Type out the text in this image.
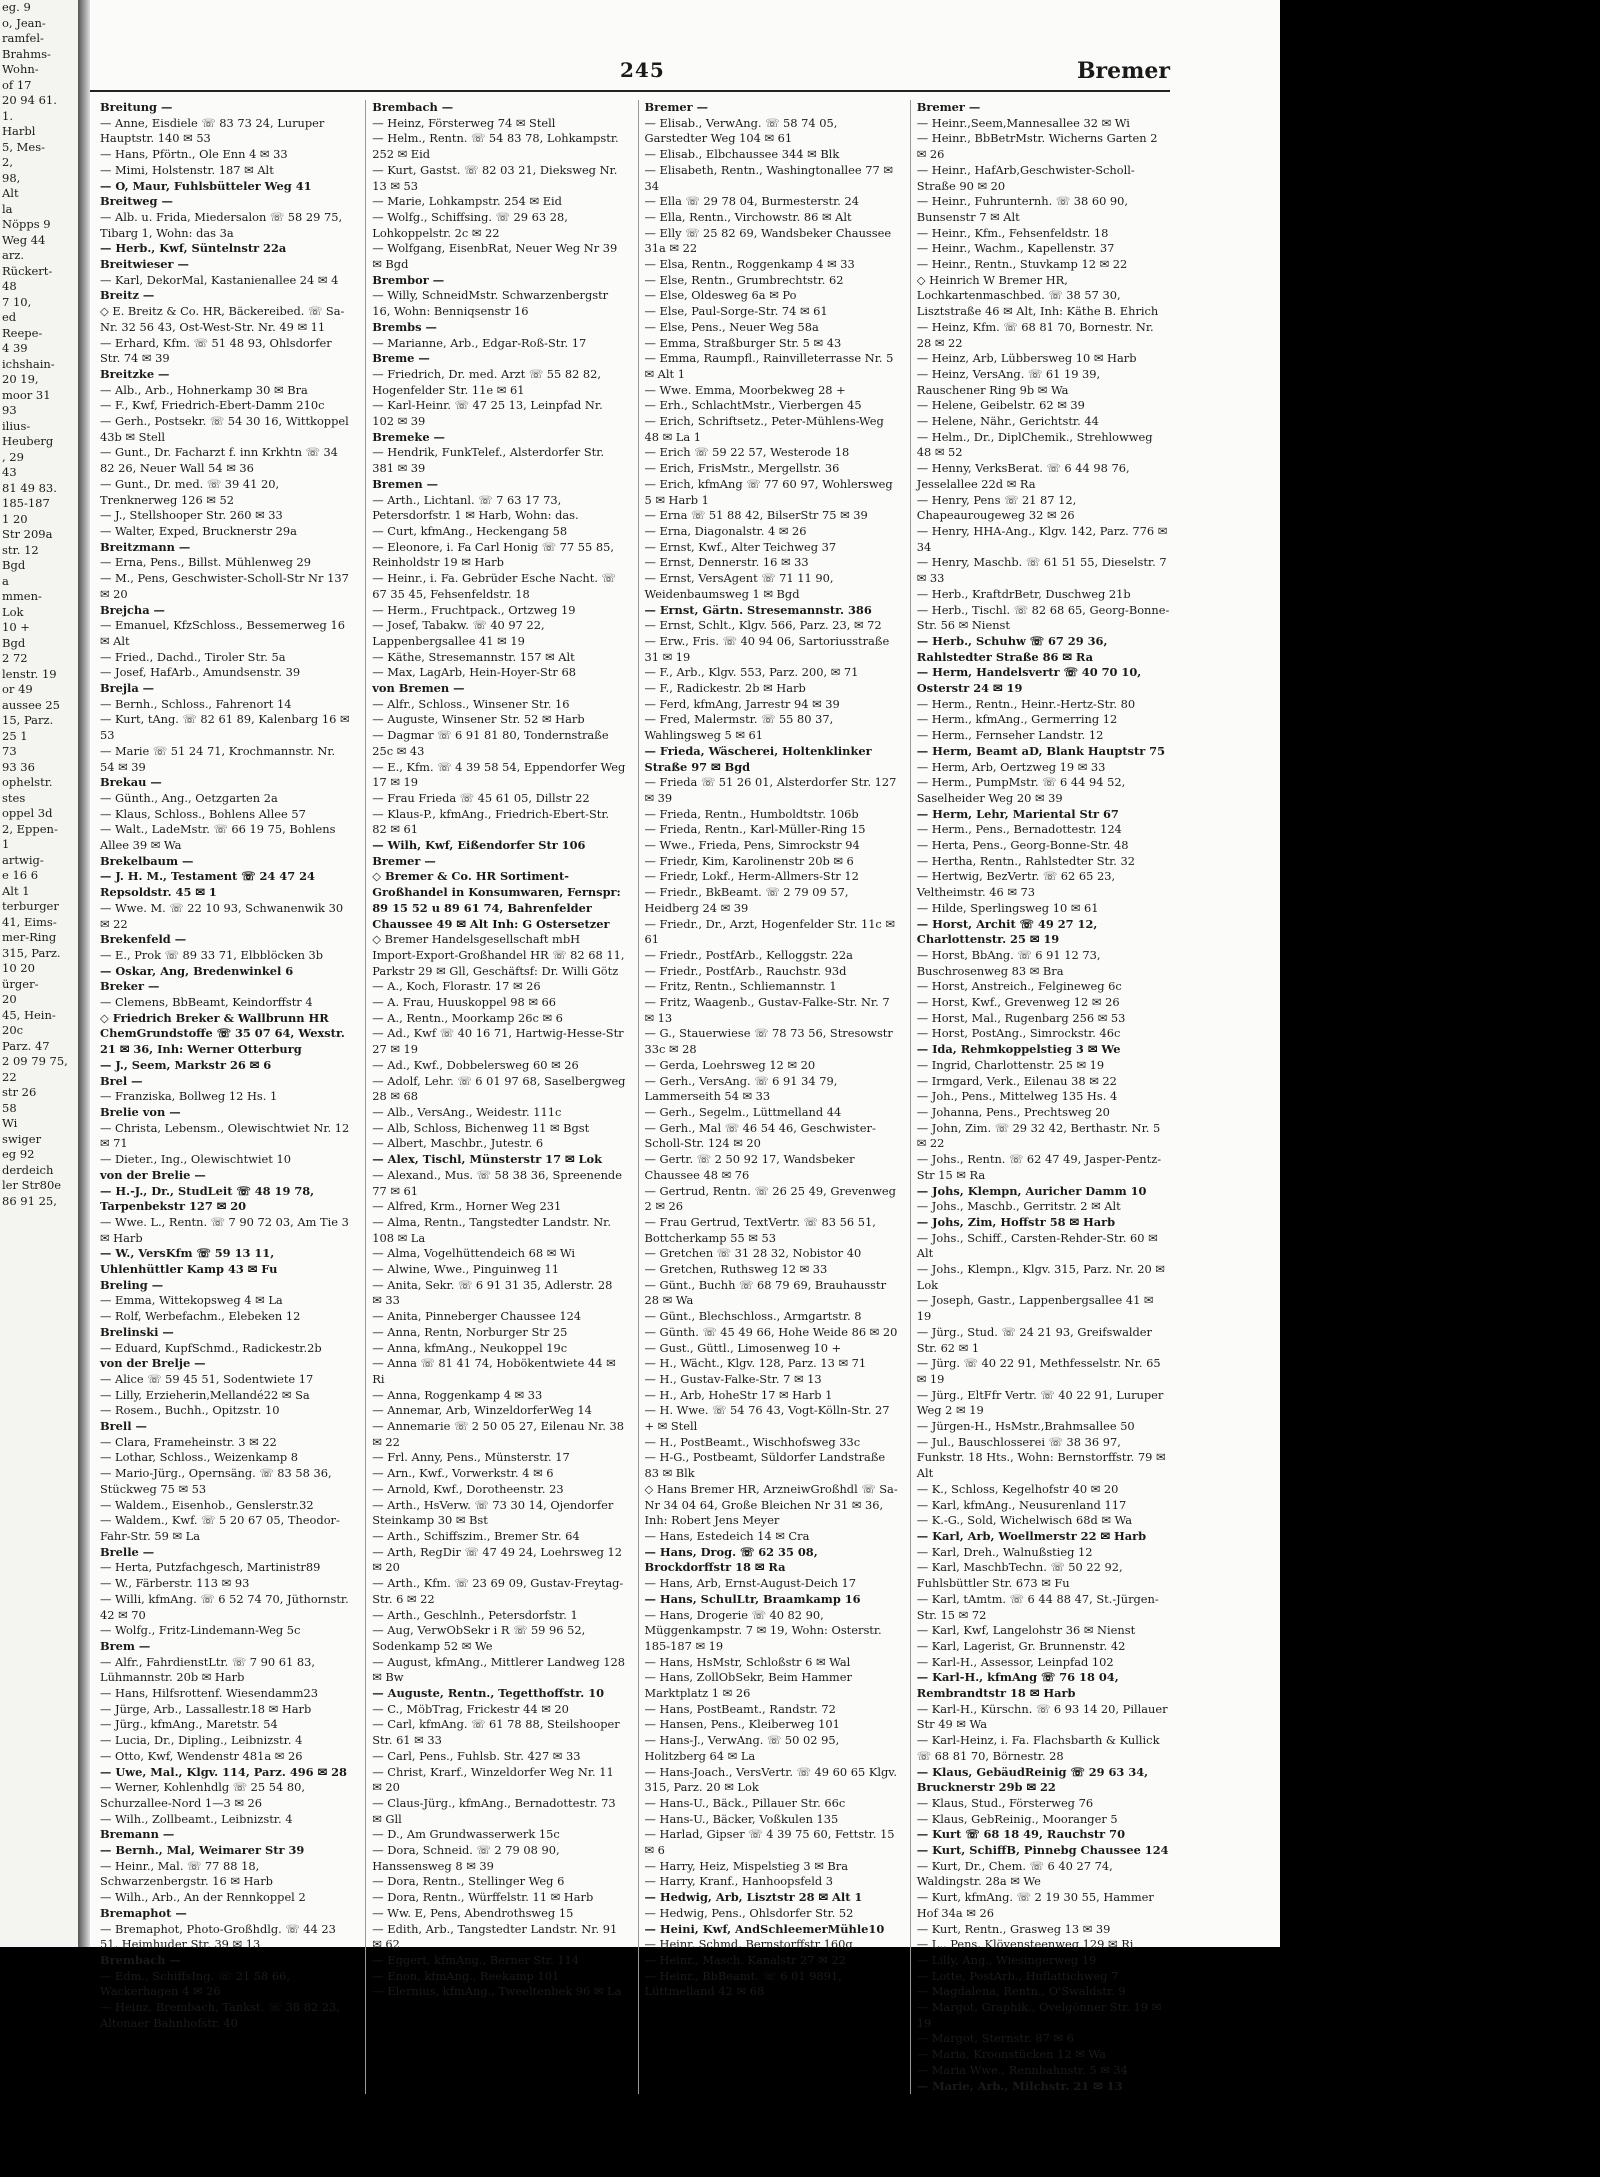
eg. 9
o, Jean-
ramfel-
Brahms-
Wohn-
of 17
20 94 61.
1.
Harbl
5, Mes-
2,
98,
Alt
la
Nöpps 9
Weg 44
arz.
Rückert-
48
7 10,
ed
Reepe-
4 39
ichshain-
20 19,
moor 31
93
ilius-
Heuberg
, 29
43
81 49 83.
185-187
1 20
Str 209a
str. 12
Bgd
a
mmen-
Lok
10 +
Bgd
2 72
lenstr. 19
or 49
aussee 25
15, Parz.
25 1
73
93 36
ophelstr.
stes
oppel 3d
2, Eppen-
1
artwig-
e 16 6
Alt 1
terburger
41, Eims-
mer-Ring
315, Parz.
10 20
ürger-
20
45, Hein-
20c
Parz. 47
2 09 79 75,
22
str 26
58
Wi
swiger
eg 92
derdeich
ler Str80e
86 91 25,
245	Bremer
Breitung —
— Anne, Eisdiele ☏ 83 73 24, Luruper Hauptstr. 140 ✉ 53
— Hans, Pförtn., Ole Enn 4 ✉ 33
— Mimi, Holstenstr. 187 ✉ Alt
— O, Maur, Fuhlsbütteler Weg 41
Breitweg —
— Alb. u. Frida, Miedersalon ☏ 58 29 75, Tibarg 1, Wohn: das 3a
— Herb., Kwf, Süntelnstr 22a
Breitwieser —
— Karl, DekorMal, Kastanienallee 24 ✉ 4
Breitz —
◇ E. Breitz & Co. HR, Bäckereibed. ☏ Sa-Nr. 32 56 43, Ost-West-Str. Nr. 49 ✉ 11
— Erhard, Kfm. ☏ 51 48 93, Ohlsdorfer Str. 74 ✉ 39
Breitzke —
— Alb., Arb., Hohnerkamp 30 ✉ Bra
— F., Kwf, Friedrich-Ebert-Damm 210c
— Gerh., Postsekr. ☏ 54 30 16, Wittkoppel 43b ✉ Stell
— Gunt., Dr. Facharzt f. inn Krkhtn ☏ 34 82 26, Neuer Wall 54 ✉ 36
— Gunt., Dr. med. ☏ 39 41 20, Trenknerweg 126 ✉ 52
— J., Stellshooper Str. 260 ✉ 33
— Walter, Exped, Brucknerstr 29a
Breitzmann —
— Erna, Pens., Billst. Mühlenweg 29
— M., Pens, Geschwister-Scholl-Str Nr 137 ✉ 20
Brejcha —
— Emanuel, KfzSchloss., Bessemerweg 16 ✉ Alt
— Fried., Dachd., Tiroler Str. 5a
— Josef, HafArb., Amundsenstr. 39
Brejla —
— Bernh., Schloss., Fahrenort 14
— Kurt, tAng. ☏ 82 61 89, Kalenbarg 16 ✉ 53
— Marie ☏ 51 24 71, Krochmannstr. Nr. 54 ✉ 39
Brekau —
— Günth., Ang., Oetzgarten 2a
— Klaus, Schloss., Bohlens Allee 57
— Walt., LadeMstr. ☏ 66 19 75, Bohlens Allee 39 ✉ Wa
Brekelbaum —
— J. H. M., Testament ☏ 24 47 24 Repsoldstr. 45 ✉ 1
— Wwe. M. ☏ 22 10 93, Schwanenwik 30 ✉ 22
Brekenfeld —
— E., Prok ☏ 89 33 71, Elbblöcken 3b
— Oskar, Ang, Bredenwinkel 6
Breker —
— Clemens, BbBeamt, Keindorffstr 4
◇ Friedrich Breker & Wallbrunn HR ChemGrundstoffe ☏ 35 07 64, Wexstr. 21 ✉ 36, Inh: Werner Otterburg
— J., Seem, Markstr 26 ✉ 6
Brel —
— Franziska, Bollweg 12 Hs. 1
Brelie von —
— Christa, Lebensm., Olewischtwiet Nr. 12 ✉ 71
— Dieter., Ing., Olewischtwiet 10
von der Brelie —
— H.-J., Dr., StudLeit ☏ 48 19 78, Tarpenbekstr 127 ✉ 20
— Wwe. L., Rentn. ☏ 7 90 72 03, Am Tie 3 ✉ Harb
— W., VersKfm ☏ 59 13 11, Uhlenhüttler Kamp 43 ✉ Fu
Breling —
— Emma, Wittekopsweg 4 ✉ La
— Rolf, Werbefachm., Elebeken 12
Brelinski —
— Eduard, KupfSchmd., Radickestr.2b
von der Brelje —
— Alice ☏ 59 45 51, Sodentwiete 17
— Lilly, Erzieherin,Mellandé22 ✉ Sa
— Rosem., Buchh., Opitzstr. 10
Brell —
— Clara, Frameheinstr. 3 ✉ 22
— Lothar, Schloss., Weizenkamp 8
— Mario-Jürg., Opernsäng. ☏ 83 58 36, Stückweg 75 ✉ 53
— Waldem., Eisenhob., Genslerstr.32
— Waldem., Kwf. ☏ 5 20 67 05, Theodor-Fahr-Str. 59 ✉ La
Brelle —
— Herta, Putzfachgesch, Martinistr89
— W., Färberstr. 113 ✉ 93
— Willi, kfmAng. ☏ 6 52 74 70, Jüthornstr. 42 ✉ 70
— Wolfg., Fritz-Lindemann-Weg 5c
Brem —
— Alfr., FahrdienstLtr. ☏ 7 90 61 83, Lühmannstr. 20b ✉ Harb
— Hans, Hilfsrottenf. Wiesendamm23
— Jürge, Arb., Lassallestr.18 ✉ Harb
— Jürg., kfmAng., Maretstr. 54
— Lucia, Dr., Dipling., Leibnizstr. 4
— Otto, Kwf, Wendenstr 481a ✉ 26
— Uwe, Mal., Klgv. 114, Parz. 496 ✉ 28
— Werner, Kohlenhdlg ☏ 25 54 80, Schurzallee-Nord 1—3 ✉ 26
— Wilh., Zollbeamt., Leibnizstr. 4
Bremann —
— Bernh., Mal, Weimarer Str 39
— Heinr., Mal. ☏ 77 88 18, Schwarzenbergstr. 16 ✉ Harb
— Wilh., Arb., An der Rennkoppel 2
Bremaphot —
— Bremaphot, Photo-Großhdlg. ☏ 44 23 51, Heimhuder Str. 39 ✉ 13
Brembach —
— Edm., SchiffsIng. ☏ 21 58 66, Wackerhagen 4 ✉ 26
— Heinz, Brembach, Tankst. ☏ 38 82 23, Altonaer Bahnhofstr. 40
Brembach —
— Heinz, Försterweg 74 ✉ Stell
— Helm., Rentn. ☏ 54 83 78, Lohkampstr. 252 ✉ Eid
— Kurt, Gastst. ☏ 82 03 21, Dieksweg Nr. 13 ✉ 53
— Marie, Lohkampstr. 254 ✉ Eid
— Wolfg., Schiffsing. ☏ 29 63 28, Lohkoppelstr. 2c ✉ 22
— Wolfgang, EisenbRat, Neuer Weg Nr 39 ✉ Bgd
Brembor —
— Willy, SchneidMstr. Schwarzenbergstr 16, Wohn: Benniqsenstr 16
Brembs —
— Marianne, Arb., Edgar-Roß-Str. 17
Breme —
— Friedrich, Dr. med. Arzt ☏ 55 82 82, Hogenfelder Str. 11e ✉ 61
— Karl-Heinr. ☏ 47 25 13, Leinpfad Nr. 102 ✉ 39
Bremeke —
— Hendrik, FunkTelef., Alsterdorfer Str. 381 ✉ 39
Bremen —
— Arth., Lichtanl. ☏ 7 63 17 73, Petersdorfstr. 1 ✉ Harb, Wohn: das.
— Curt, kfmAng., Heckengang 58
— Eleonore, i. Fa Carl Honig ☏ 77 55 85, Reinholdstr 19 ✉ Harb
— Heinr., i. Fa. Gebrüder Esche Nacht. ☏ 67 35 45, Fehsenfeldstr. 18
— Herm., Fruchtpack., Ortzweg 19
— Josef, Tabakw. ☏ 40 97 22, Lappenbergsallee 41 ✉ 19
— Käthe, Stresemannstr. 157 ✉ Alt
— Max, LagArb, Hein-Hoyer-Str 68
von Bremen —
— Alfr., Schloss., Winsener Str. 16
— Auguste, Winsener Str. 52 ✉ Harb
— Dagmar ☏ 6 91 81 80, Tondernstraße 25c ✉ 43
— E., Kfm. ☏ 4 39 58 54, Eppendorfer Weg 17 ✉ 19
— Frau Frieda ☏ 45 61 05, Dillstr 22
— Klaus-P., kfmAng., Friedrich-Ebert-Str. 82 ✉ 61
— Wilh, Kwf, Eißendorfer Str 106
Bremer —
◇ Bremer & Co. HR Sortiment-Großhandel in Konsumwaren, Fernspr: 89 15 52 u 89 61 74, Bahrenfelder Chaussee 49 ✉ Alt Inh: G Ostersetzer
◇ Bremer Handelsgesellschaft mbH Import-Export-Großhandel HR ☏ 82 68 11, Parkstr 29 ✉ Gll, Geschäftsf: Dr. Willi Götz
— A., Koch, Florastr. 17 ✉ 26
— A. Frau, Huuskoppel 98 ✉ 66
— A., Rentn., Moorkamp 26c ✉ 6
— Ad., Kwf ☏ 40 16 71, Hartwig-Hesse-Str 27 ✉ 19
— Ad., Kwf., Dobbelersweg 60 ✉ 26
— Adolf, Lehr. ☏ 6 01 97 68, Saselbergweg 28 ✉ 68
— Alb., VersAng., Weidestr. 111c
— Alb, Schloss, Bichenweg 11 ✉ Bgst
— Albert, Maschbr., Jutestr. 6
— Alex, Tischl, Münsterstr 17 ✉ Lok
— Alexand., Mus. ☏ 58 38 36, Spreenende 77 ✉ 61
— Alfred, Krm., Horner Weg 231
— Alma, Rentn., Tangstedter Landstr. Nr. 108 ✉ La
— Alma, Vogelhüttendeich 68 ✉ Wi
— Alwine, Wwe., Pinguinweg 11
— Anita, Sekr. ☏ 6 91 31 35, Adlerstr. 28 ✉ 33
— Anita, Pinneberger Chaussee 124
— Anna, Rentn, Norburger Str 25
— Anna, kfmAng., Neukoppel 19c
— Anna ☏ 81 41 74, Hobökentwiete 44 ✉ Ri
— Anna, Roggenkamp 4 ✉ 33
— Annemar, Arb, WinzeldorferWeg 14
— Annemarie ☏ 2 50 05 27, Eilenau Nr. 38 ✉ 22
— Frl. Anny, Pens., Münsterstr. 17
— Arn., Kwf., Vorwerkstr. 4 ✉ 6
— Arnold, Kwf., Dorotheenstr. 23
— Arth., HsVerw. ☏ 73 30 14, Ojendorfer Steinkamp 30 ✉ Bst
— Arth., Schiffszim., Bremer Str. 64
— Arth, RegDir ☏ 47 49 24, Loehrsweg 12 ✉ 20
— Arth., Kfm. ☏ 23 69 09, Gustav-Freytag-Str. 6 ✉ 22
— Arth., Geschlnh., Petersdorfstr. 1
— Aug, VerwObSekr i R ☏ 59 96 52, Sodenkamp 52 ✉ We
— August, kfmAng., Mittlerer Landweg 128 ✉ Bw
— Auguste, Rentn., Tegetthoffstr. 10
— C., MöbTrag, Frickestr 44 ✉ 20
— Carl, kfmAng. ☏ 61 78 88, Steilshooper Str. 61 ✉ 33
— Carl, Pens., Fuhlsb. Str. 427 ✉ 33
— Christ, Krarf., Winzeldorfer Weg Nr. 11 ✉ 20
— Claus-Jürg., kfmAng., Bernadottestr. 73 ✉ Gll
— D., Am Grundwasserwerk 15c
— Dora, Schneid. ☏ 2 79 08 90, Hanssensweg 8 ✉ 39
— Dora, Rentn., Stellinger Weg 6
— Dora, Rentn., Würffelstr. 11 ✉ Harb
— Ww. E, Pens, Abendrothsweg 15
— Edith, Arb., Tangstedter Landstr. Nr. 91 ✉ 62
— Eggert, kfmAng., Berner Str. 114
— Enon, kfmAng., Reekamp 101
— Elernius, kfmAng., Tweeltenbek 96 ✉ La
Bremer —
— Elisab., VerwAng. ☏ 58 74 05, Garstedter Weg 104 ✉ 61
— Elisab., Elbchaussee 344 ✉ Blk
— Elisabeth, Rentn., Washingtonallee 77 ✉ 34
— Ella ☏ 29 78 04, Burmesterstr. 24
— Ella, Rentn., Virchowstr. 86 ✉ Alt
— Elly ☏ 25 82 69, Wandsbeker Chaussee 31a ✉ 22
— Elsa, Rentn., Roggenkamp 4 ✉ 33
— Else, Rentn., Grumbrechtstr. 62
— Else, Oldesweg 6a ✉ Po
— Else, Paul-Sorge-Str. 74 ✉ 61
— Else, Pens., Neuer Weg 58a
— Emma, Straßburger Str. 5 ✉ 43
— Emma, Raumpfl., Rainvilleterrasse Nr. 5 ✉ Alt 1
— Wwe. Emma, Moorbekweg 28 +
— Erh., SchlachtMstr., Vierbergen 45
— Erich, Schriftsetz., Peter-Mühlens-Weg 48 ✉ La 1
— Erich ☏ 59 22 57, Westerode 18
— Erich, FrisMstr., Mergellstr. 36
— Erich, kfmAng ☏ 77 60 97, Wohlersweg 5 ✉ Harb 1
— Erna ☏ 51 88 42, BilserStr 75 ✉ 39
— Erna, Diagonalstr. 4 ✉ 26
— Ernst, Kwf., Alter Teichweg 37
— Ernst, Dennerstr. 16 ✉ 33
— Ernst, VersAgent ☏ 71 11 90, Weidenbaumsweg 1 ✉ Bgd
— Ernst, Gärtn. Stresemannstr. 386
— Ernst, Schlt., Klgv. 566, Parz. 23, ✉ 72
— Erw., Fris. ☏ 40 94 06, Sartoriusstraße 31 ✉ 19
— F., Arb., Klgv. 553, Parz. 200, ✉ 71
— F., Radickestr. 2b ✉ Harb
— Ferd, kfmAng, Jarrestr 94 ✉ 39
— Fred, Malermstr. ☏ 55 80 37, Wahlingsweg 5 ✉ 61
— Frieda, Wäscherei, Holtenklinker Straße 97 ✉ Bgd
— Frieda ☏ 51 26 01, Alsterdorfer Str. 127 ✉ 39
— Frieda, Rentn., Humboldtstr. 106b
— Frieda, Rentn., Karl-Müller-Ring 15
— Wwe., Frieda, Pens, Simrockstr 94
— Friedr, Kim, Karolinenstr 20b ✉ 6
— Friedr, Lokf., Herm-Allmers-Str 12
— Friedr., BkBeamt. ☏ 2 79 09 57, Heidberg 24 ✉ 39
— Friedr., Dr., Arzt, Hogenfelder Str. 11c ✉ 61
— Friedr., PostfArb., Kelloggstr. 22a
— Friedr., PostfArb., Rauchstr. 93d
— Fritz, Rentn., Schliemannstr. 1
— Fritz, Waagenb., Gustav-Falke-Str. Nr. 7 ✉ 13
— G., Stauerwiese ☏ 78 73 56, Stresowstr 33c ✉ 28
— Gerda, Loehrsweg 12 ✉ 20
— Gerh., VersAng. ☏ 6 91 34 79, Lammerseith 54 ✉ 33
— Gerh., Segelm., Lüttmelland 44
— Gerh., Mal ☏ 46 54 46, Geschwister-Scholl-Str. 124 ✉ 20
— Gertr. ☏ 2 50 92 17, Wandsbeker Chaussee 48 ✉ 76
— Gertrud, Rentn. ☏ 26 25 49, Grevenweg 2 ✉ 26
— Frau Gertrud, TextVertr. ☏ 83 56 51, Bottcherkamp 55 ✉ 53
— Gretchen ☏ 31 28 32, Nobistor 40
— Gretchen, Ruthsweg 12 ✉ 33
— Günt., Buchh ☏ 68 79 69, Brauhausstr 28 ✉ Wa
— Günt., Blechschloss., Armgartstr. 8
— Günth. ☏ 45 49 66, Hohe Weide 86 ✉ 20
— Gust., Güttl., Limosenweg 10 +
— H., Wächt., Klgv. 128, Parz. 13 ✉ 71
— H., Gustav-Falke-Str. 7 ✉ 13
— H., Arb, HoheStr 17 ✉ Harb 1
— H. Wwe. ☏ 54 76 43, Vogt-Kölln-Str. 27 + ✉ Stell
— H., PostBeamt., Wischhofsweg 33c
— H-G., Postbeamt, Süldorfer Landstraße 83 ✉ Blk
◇ Hans Bremer HR, ArzneiwGroßhdl ☏ Sa-Nr 34 04 64, Große Bleichen Nr 31 ✉ 36, Inh: Robert Jens Meyer
— Hans, Estedeich 14 ✉ Cra
— Hans, Drog. ☏ 62 35 08, Brockdorffstr 18 ✉ Ra
— Hans, Arb, Ernst-August-Deich 17
— Hans, SchulLtr, Braamkamp 16
— Hans, Drogerie ☏ 40 82 90, Müggenkampstr. 7 ✉ 19, Wohn: Osterstr. 185-187 ✉ 19
— Hans, HsMstr, Schloßstr 6 ✉ Wal
— Hans, ZollObSekr, Beim Hammer Marktplatz 1 ✉ 26
— Hans, PostBeamt., Randstr. 72
— Hansen, Pens., Kleiberweg 101
— Hans-J., VerwAng. ☏ 50 02 95, Holitzberg 64 ✉ La
— Hans-Joach., VersVertr. ☏ 49 60 65 Klgv. 315, Parz. 20 ✉ Lok
— Hans-U., Bäck., Pillauer Str. 66c
— Hans-U., Bäcker, Voßkulen 135
— Harlad, Gipser ☏ 4 39 75 60, Fettstr. 15 ✉ 6
— Harry, Heiz, Mispelstieg 3 ✉ Bra
— Harry, Kranf., Hanhoopsfeld 3
— Hedwig, Arb, Lisztstr 28 ✉ Alt 1
— Hedwig, Pens., Ohlsdorfer Str. 52
— Heini, Kwf, AndSchleemerMühle10
— Heinr. Schmd, Bernstorffstr 160g
— Heinr., Masch. Kanalstr 27 ✉ 22
— Heinr., BbBeamt. ☏ 6 01 9891, Lüttmelland 42 ✉ 68
Bremer —
— Heinr.,Seem,Mannesallee 32 ✉ Wi
— Heinr., BbBetrMstr. Wicherns Garten 2 ✉ 26
— Heinr., HafArb,Geschwister-Scholl-Straße 90 ✉ 20
— Heinr., Fuhrunternh. ☏ 38 60 90, Bunsenstr 7 ✉ Alt
— Heinr., Kfm., Fehsenfeldstr. 18
— Heinr., Wachm., Kapellenstr. 37
— Heinr., Rentn., Stuvkamp 12 ✉ 22
◇ Heinrich W Bremer HR, Lochkartenmaschbed. ☏ 38 57 30, Lisztstraße 46 ✉ Alt, Inh: Käthe B. Ehrich
— Heinz, Kfm. ☏ 68 81 70, Bornestr. Nr. 28 ✉ 22
— Heinz, Arb, Lübbersweg 10 ✉ Harb
— Heinz, VersAng. ☏ 61 19 39, Rauschener Ring 9b ✉ Wa
— Helene, Geibelstr. 62 ✉ 39
— Helene, Nähr., Gerichtstr. 44
— Helm., Dr., DiplChemik., Strehlowweg 48 ✉ 52
— Henny, VerksBerat. ☏ 6 44 98 76, Jesselallee 22d ✉ Ra
— Henry, Pens ☏ 21 87 12, Chapeaurougeweg 32 ✉ 26
— Henry, HHA-Ang., Klgv. 142, Parz. 776 ✉ 34
— Henry, Maschb. ☏ 61 51 55, Dieselstr. 7 ✉ 33
— Herb., KraftdrBetr, Duschweg 21b
— Herb., Tischl. ☏ 82 68 65, Georg-Bonne-Str. 56 ✉ Nienst
— Herb., Schuhw ☏ 67 29 36, Rahlstedter Straße 86 ✉ Ra
— Herm, Handelsvertr ☏ 40 70 10, Osterstr 24 ✉ 19
— Herm., Rentn., Heinr.-Hertz-Str. 80
— Herm., kfmAng., Germerring 12
— Herm., Fernseher Landstr. 12
— Herm, Beamt aD, Blank Hauptstr 75
— Herm, Arb, Oertzweg 19 ✉ 33
— Herm., PumpMstr. ☏ 6 44 94 52, Saselheider Weg 20 ✉ 39
— Herm, Lehr, Mariental Str 67
— Herm., Pens., Bernadottestr. 124
— Herta, Pens., Georg-Bonne-Str. 48
— Hertha, Rentn., Rahlstedter Str. 32
— Hertwig, BezVertr. ☏ 62 65 23, Veltheimstr. 46 ✉ 73
— Hilde, Sperlingsweg 10 ✉ 61
— Horst, Archit ☏ 49 27 12, Charlottenstr. 25 ✉ 19
— Horst, BbAng. ☏ 6 91 12 73, Buschrosenweg 83 ✉ Bra
— Horst, Anstreich., Felgineweg 6c
— Horst, Kwf., Grevenweg 12 ✉ 26
— Horst, Mal., Rugenbarg 256 ✉ 53
— Horst, PostAng., Simrockstr. 46c
— Ida, Rehmkoppelstieg 3 ✉ We
— Ingrid, Charlottenstr. 25 ✉ 19
— Irmgard, Verk., Eilenau 38 ✉ 22
— Joh., Pens., Mittelweg 135 Hs. 4
— Johanna, Pens., Prechtsweg 20
— John, Zim. ☏ 29 32 42, Berthastr. Nr. 5 ✉ 22
— Johs., Rentn. ☏ 62 47 49, Jasper-Pentz-Str 15 ✉ Ra
— Johs, Klempn, Auricher Damm 10
— Johs., Maschb., Gerritstr. 2 ✉ Alt
— Johs, Zim, Hoffstr 58 ✉ Harb
— Johs., Schiff., Carsten-Rehder-Str. 60 ✉ Alt
— Johs., Klempn., Klgv. 315, Parz. Nr. 20 ✉ Lok
— Joseph, Gastr., Lappenbergsallee 41 ✉ 19
— Jürg., Stud. ☏ 24 21 93, Greifswalder Str. 62 ✉ 1
— Jürg. ☏ 40 22 91, Methfesselstr. Nr. 65 ✉ 19
— Jürg., EltFfr Vertr. ☏ 40 22 91, Luruper Weg 2 ✉ 19
— Jürgen-H., HsMstr.,Brahmsallee 50
— Jul., Bauschlosserei ☏ 38 36 97, Funkstr. 18 Hts., Wohn: Bernstorffstr. 79 ✉ Alt
— K., Schloss, Kegelhofstr 40 ✉ 20
— Karl, kfmAng., Neusurenland 117
— K.-G., Sold, Wichelwisch 68d ✉ Wa
— Karl, Arb, Woellmerstr 22 ✉ Harb
— Karl, Dreh., Walnußstieg 12
— Karl, MaschbTechn. ☏ 50 22 92, Fuhlsbüttler Str. 673 ✉ Fu
— Karl, tAmtm. ☏ 6 44 88 47, St.-Jürgen-Str. 15 ✉ 72
— Karl, Kwf, Langelohstr 36 ✉ Nienst
— Karl, Lagerist, Gr. Brunnenstr. 42
— Karl-H., Assessor, Leinpfad 102
— Karl-H., kfmAng ☏ 76 18 04, Rembrandtstr 18 ✉ Harb
— Karl-H., Kürschn. ☏ 6 93 14 20, Pillauer Str 49 ✉ Wa
— Karl-Heinz, i. Fa. Flachsbarth & Kullick ☏ 68 81 70, Börnestr. 28
— Klaus, GebäudReinig ☏ 29 63 34, Brucknerstr 29b ✉ 22
— Klaus, Stud., Försterweg 76
— Klaus, GebReinig., Mooranger 5
— Kurt ☏ 68 18 49, Rauchstr 70
— Kurt, SchiffB, Pinnebg Chaussee 124
— Kurt, Dr., Chem. ☏ 6 40 27 74, Waldingstr. 28a ✉ We
— Kurt, kfmAng. ☏ 2 19 30 55, Hammer Hof 34a ✉ 26
— Kurt, Rentn., Grasweg 13 ✉ 39
— L., Pens, Klövensteenweg 129 ✉ Ri
— Lilly, Ang., Wiesingerweg 19
— Lotte, PostArb., Huflattichweg 7
— Magdalena, Rentn., O'Swaldstr. 9
— Margot, Graphik., Ovelgönner Str. 19 ✉ 19
— Margot, Sternstr. 87 ✉ 6
— Maria, Kroonstücken 12 ✉ Wa
— Maria Wwe., Rennbahnstr. 5 ✉ 34
— Marie, Arb., Milchstr. 21 ✉ 13
